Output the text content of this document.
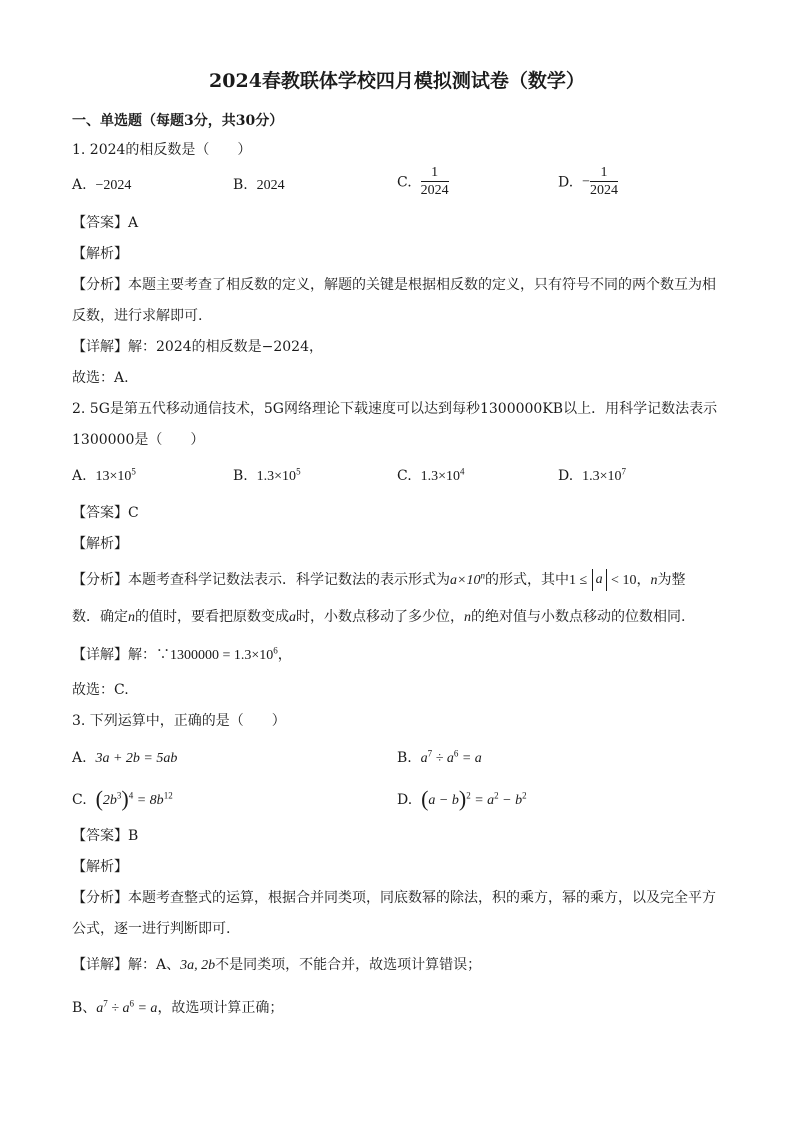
2024春教联体学校四月模拟测试卷（数学）
一、单选题（每题3分，共30分）
1. 2024的相反数是（　　）
A. −2024	B. 2024	C. $\frac{1}{2024}$	D. − $\frac{1}{2024}$
【答案】A
【解析】
【分析】本题主要考查了相反数的定义，解题的关键是根据相反数的定义，只有符号不同的两个数互为相
反数，进行求解即可.
【详解】解：2024的相反数是−2024，
故选：A.
2. 5G是第五代移动通信技术，5G网络理论下载速度可以达到每秒1300000KB以上．用科学记数法表示
1300000是（　　）
A. $13\times 10^5$	B. $1.3\times 10^5$	C. $1.3\times 10^4$	D. $1.3\times 10^7$
【答案】C
【解析】
【分析】本题考查科学记数法表示．科学记数法的表示形式为$a\times 10^n$的形式，其中1 ≤ a < 10，n为整
数．确定n的值时，要看把原数变成a时，小数点移动了多少位，n的绝对值与小数点移动的位数相同.
【详解】解：∵1300000 = $1.3\times 10^6$，
故选：C.
3. 下列运算中，正确的是（　　）
A. 3a + 2b = 5ab	B. $a^7 \div a^6 = a$
C. $(2b^3)^4 = 8b^{12}$	D. $(a - b)^2 = a^2 - b^2$
【答案】B
【解析】
【分析】本题考查整式的运算，根据合并同类项，同底数幂的除法，积的乘方，幂的乘方，以及完全平方
公式，逐一进行判断即可.
【详解】解：A、3a, 2b不是同类项，不能合并，故选项计算错误；
B、$a^7 \div a^6 = a$，故选项计算正确；
